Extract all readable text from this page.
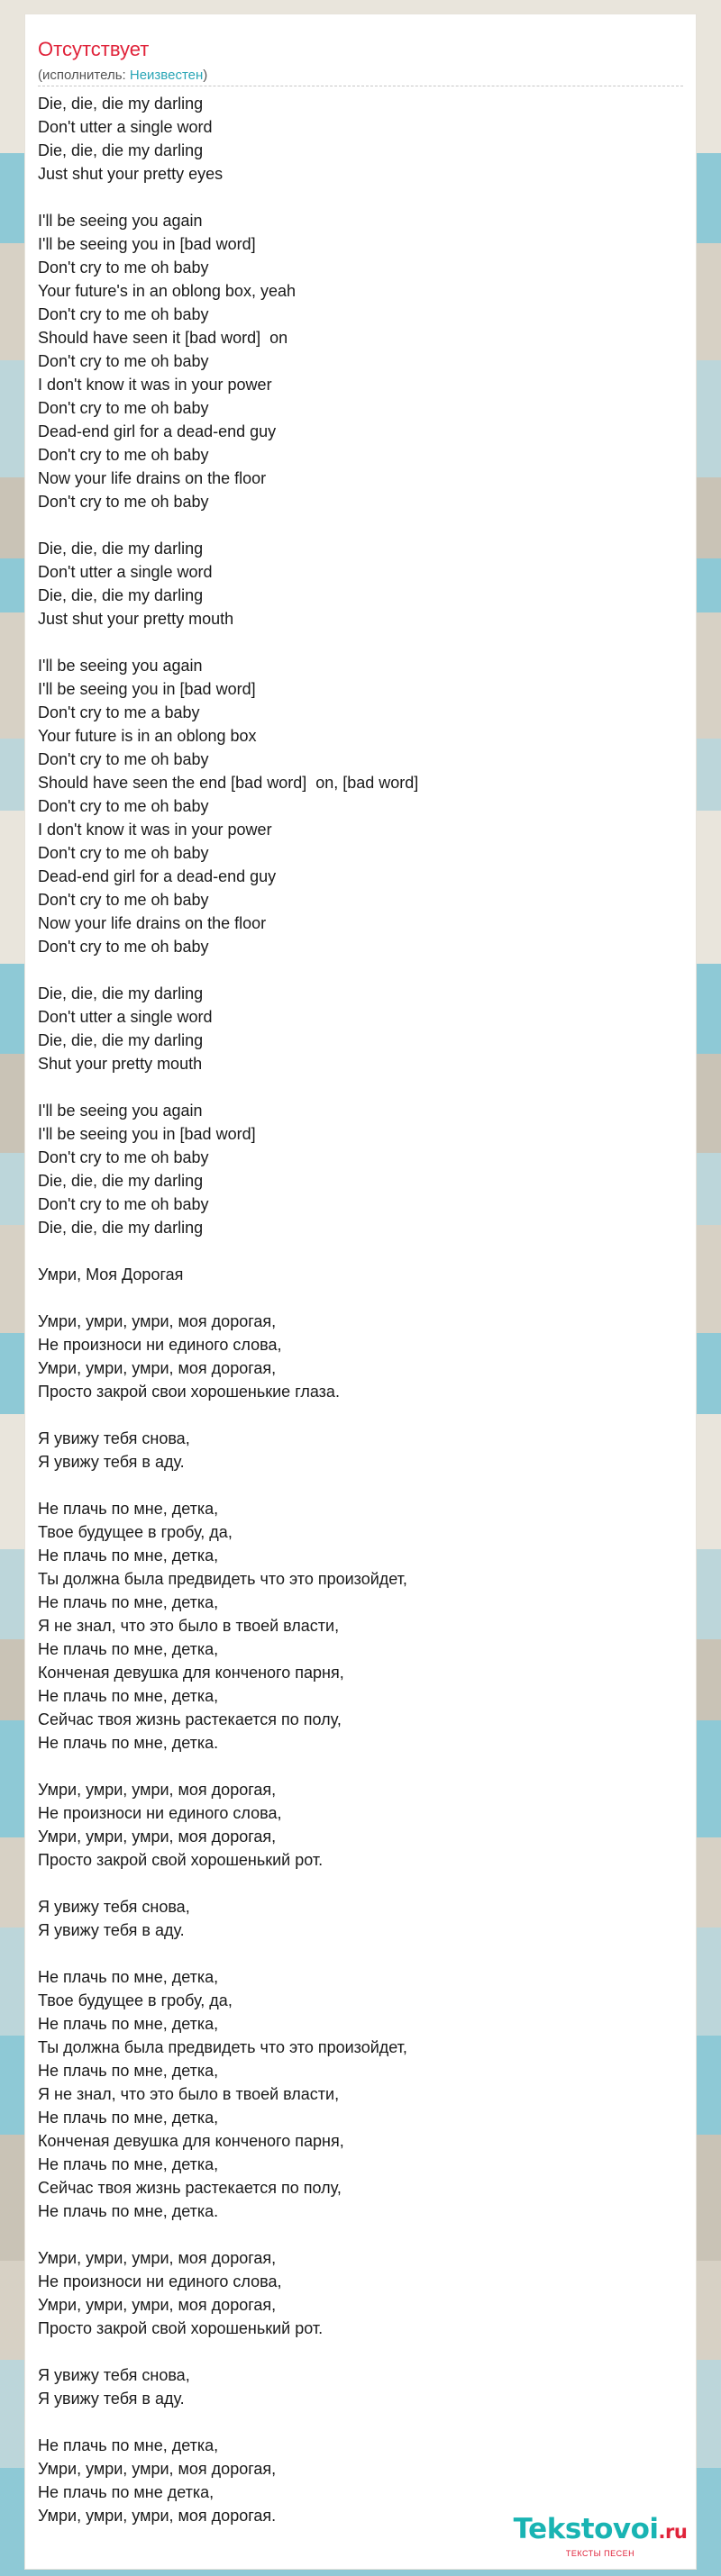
Отсутствует
(исполнитель: Неизвестен)
Die, die, die my darling
Don't utter a single word
Die, die, die my darling
Just shut your pretty eyes

I'll be seeing you again
I'll be seeing you in [bad word]
Don't cry to me oh baby
Your future's in an oblong box, yeah
Don't cry to me oh baby
Should have seen it [bad word]  on
Don't cry to me oh baby
I don't know it was in your power
Don't cry to me oh baby
Dead-end girl for a dead-end guy
Don't cry to me oh baby
Now your life drains on the floor
Don't cry to me oh baby

Die, die, die my darling
Don't utter a single word
Die, die, die my darling
Just shut your pretty mouth

I'll be seeing you again
I'll be seeing you in [bad word]
Don't cry to me a baby
Your future is in an oblong box
Don't cry to me oh baby
Should have seen the end [bad word]  on, [bad word]
Don't cry to me oh baby
I don't know it was in your power
Don't cry to me oh baby
Dead-end girl for a dead-end guy
Don't cry to me oh baby
Now your life drains on the floor
Don't cry to me oh baby

Die, die, die my darling
Don't utter a single word
Die, die, die my darling
Shut your pretty mouth

I'll be seeing you again
I'll be seeing you in [bad word]
Don't cry to me oh baby
Die, die, die my darling
Don't cry to me oh baby
Die, die, die my darling

Умри, Моя Дорогая

Умри, умри, умри, моя дорогая,
Не произноси ни единого слова,
Умри, умри, умри, моя дорогая,
Просто закрой свои хорошенькие глаза.

Я увижу тебя снова,
Я увижу тебя в аду.

Не плачь по мне, детка,
Твое будущее в гробу, да,
Не плачь по мне, детка,
Ты должна была предвидеть что это произойдет,
Не плачь по мне, детка,
Я не знал, что это было в твоей власти,
Не плачь по мне, детка,
Конченая девушка для конченого парня,
Не плачь по мне, детка,
Сейчас твоя жизнь растекается по полу,
Не плачь по мне, детка.

Умри, умри, умри, моя дорогая,
Не произноси ни единого слова,
Умри, умри, умри, моя дорогая,
Просто закрой свой хорошенький рот.

Я увижу тебя снова,
Я увижу тебя в аду.

Не плачь по мне, детка,
Твое будущее в гробу, да,
Не плачь по мне, детка,
Ты должна была предвидеть что это произойдет,
Не плачь по мне, детка,
Я не знал, что это было в твоей власти,
Не плачь по мне, детка,
Конченая девушка для конченого парня,
Не плачь по мне, детка,
Сейчас твоя жизнь растекается по полу,
Не плачь по мне, детка.

Умри, умри, умри, моя дорогая,
Не произноси ни единого слова,
Умри, умри, умри, моя дорогая,
Просто закрой свой хорошенький рот.

Я увижу тебя снова,
Я увижу тебя в аду.

Не плачь по мне, детка,
Умри, умри, умри, моя дорогая,
Не плачь по мне детка,
Умри, умри, умри, моя дорогая.	Tekstovoi.ru
ТЕКСТЫ ПЕСЕН
